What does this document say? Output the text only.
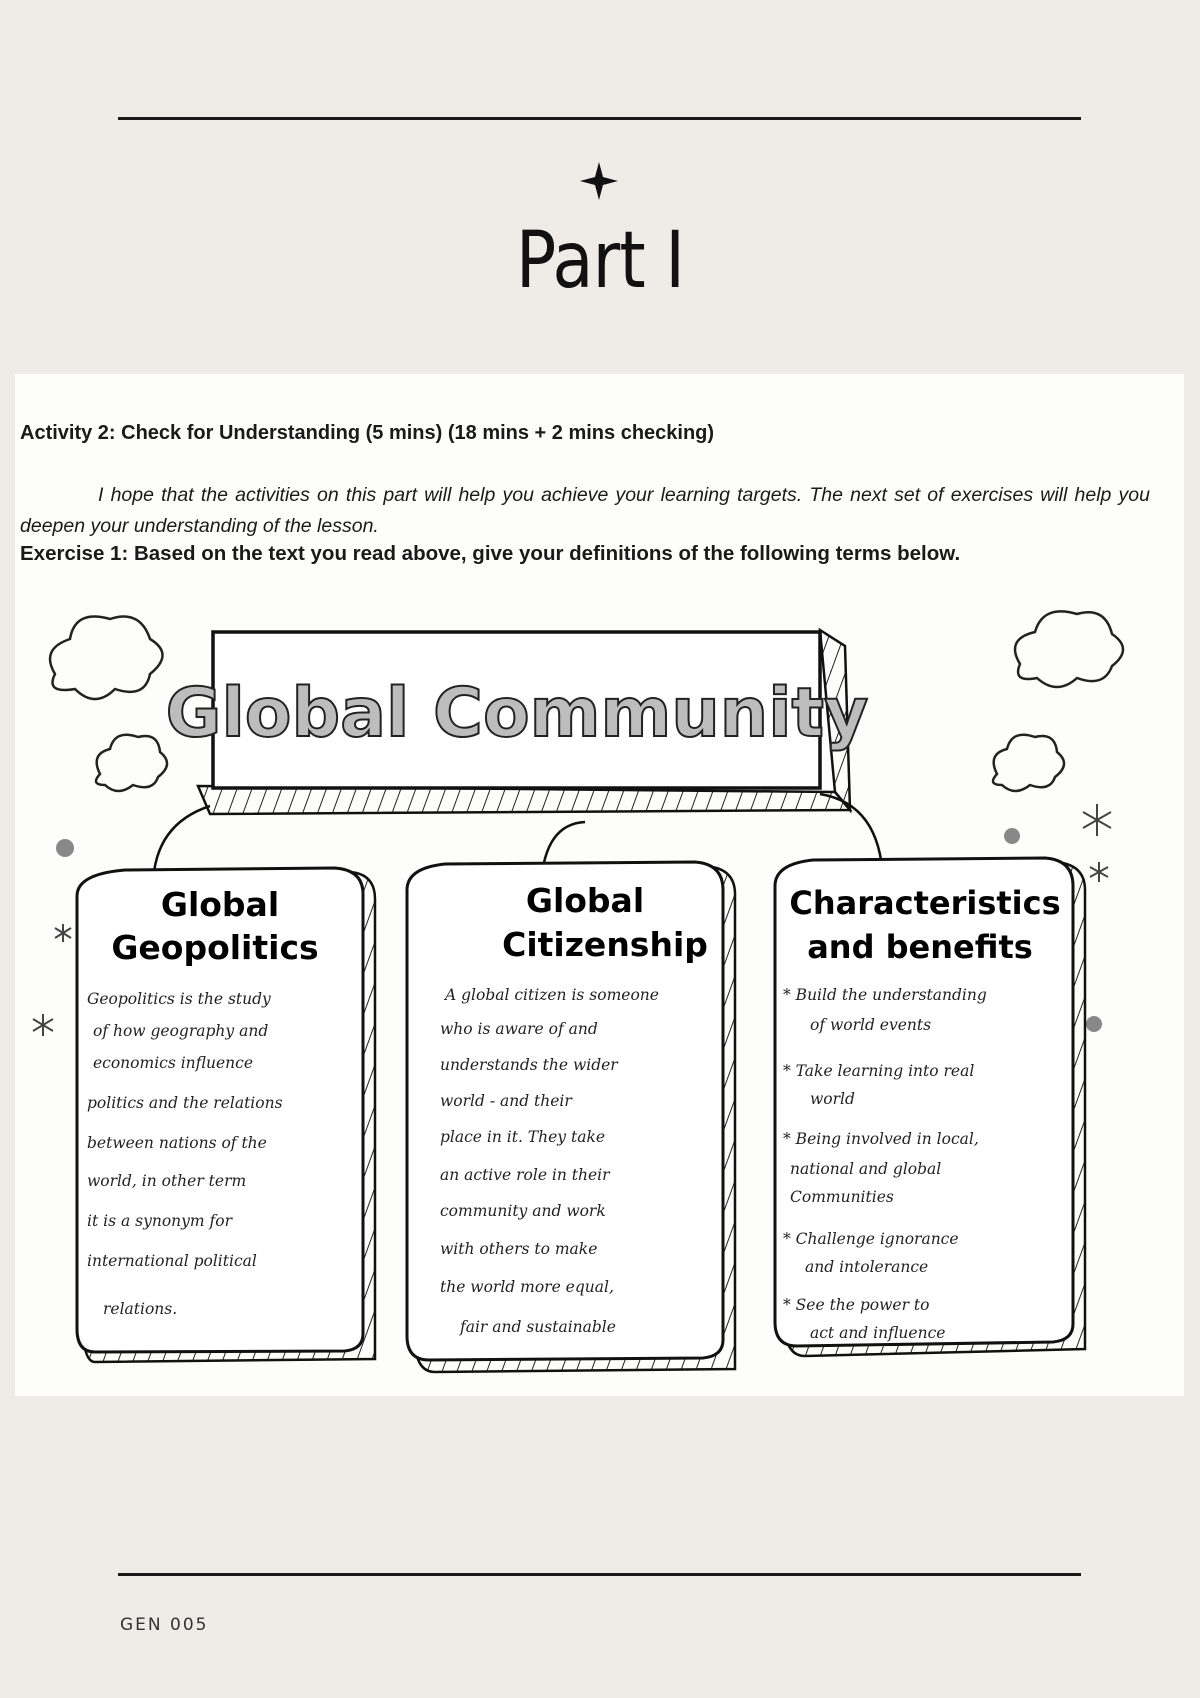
Part I
Activity 2: Check for Understanding (5 mins) (18 mins + 2 mins checking)
I hope that the activities on this part will help you achieve your learning targets. The next set of exercises will help you deepen your understanding of the lesson.
Exercise 1: Based on the text you read above, give your definitions of the following terms below.
Global Community
Global
Geopolitics
Geopolitics is the study
of how geography and
economics influence
politics and the relations
between nations of the
world, in other term
it is a synonym for
international political
relations.
Global
Citizenship
A global citizen is someone
who is aware of and
understands the wider
world - and their
place in it. They take
an active role in their
community and work
with others to make
the world more equal,
fair and sustainable
Characteristics
and benefits
* Build the understanding
of world events
* Take learning into real
world
* Being involved in local,
national and global
Communities
* Challenge ignorance
and intolerance
* See the power to
act and influence
GEN 005
